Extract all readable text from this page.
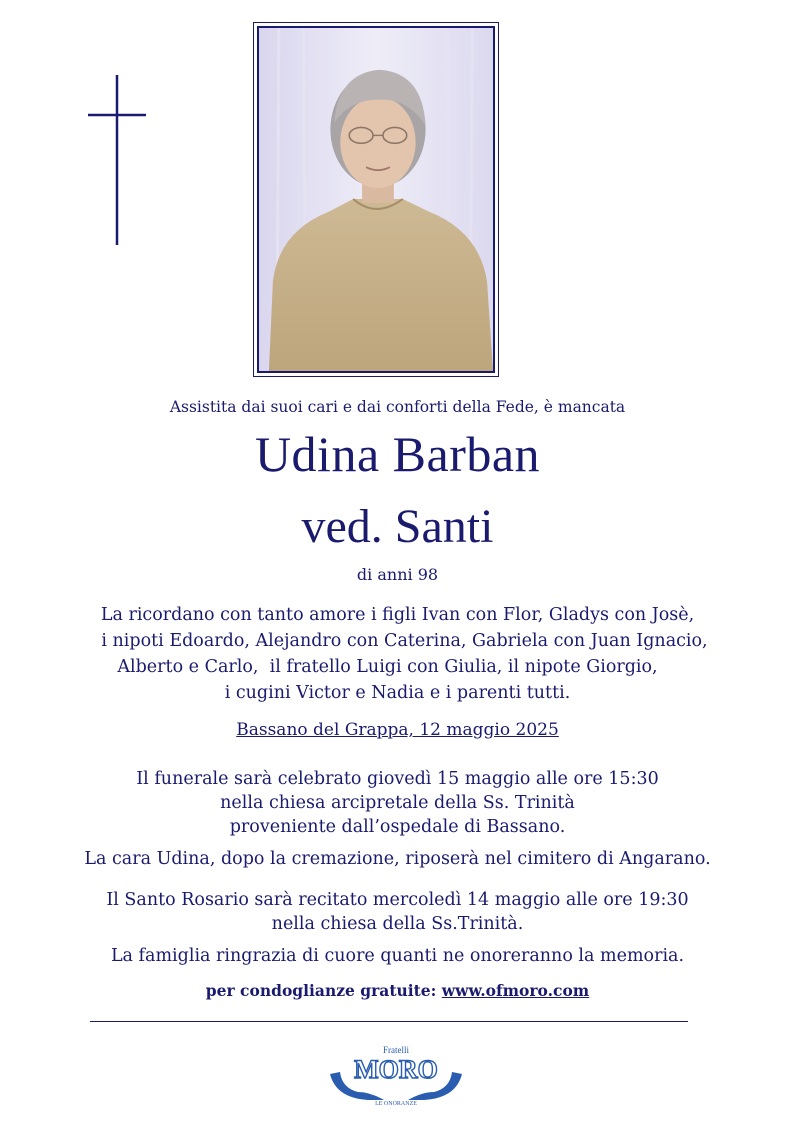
Assistita dai suoi cari e dai conforti della Fede, è mancata
Udina Barban
ved. Santi
di anni 98
La ricordano con tanto amore i figli Ivan con Flor, Gladys con Josè,
i nipoti Edoardo, Alejandro con Caterina, Gabriela con Juan Ignacio,
Alberto e Carlo,  il fratello Luigi con Giulia, il nipote Giorgio,
i cugini Victor e Nadia e i parenti tutti.
Bassano del Grappa, 12 maggio 2025
Il funerale sarà celebrato giovedì 15 maggio alle ore 15:30
nella chiesa arcipretale della Ss. Trinità
proveniente dall’ospedale di Bassano.
La cara Udina, dopo la cremazione, riposerà nel cimitero di Angarano.
Il Santo Rosario sarà recitato mercoledì 14 maggio alle ore 19:30
nella chiesa della Ss.Trinità.
La famiglia ringrazia di cuore quanti ne onoreranno la memoria.
per condoglianze gratuite: www.ofmoro.com
Fratelli
MORO
LE ONORANZE
